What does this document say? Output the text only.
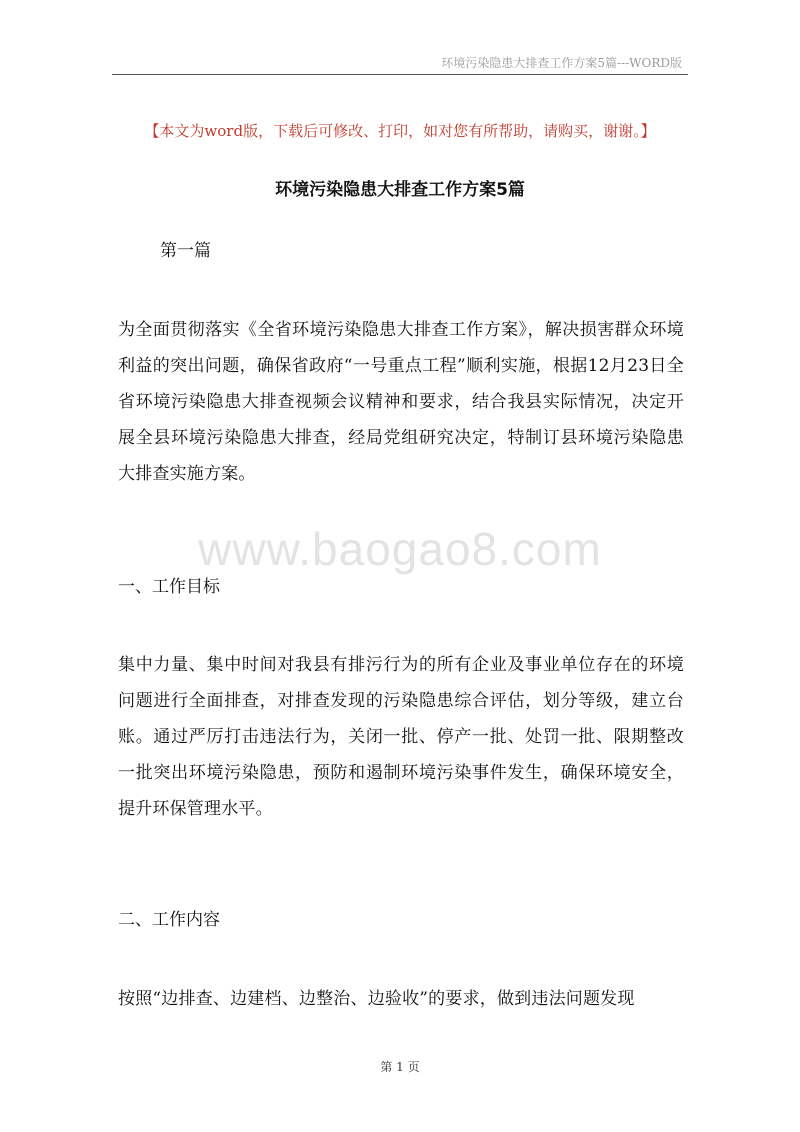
环境污染隐患大排查工作方案5篇---WORD版
【本文为word版，下载后可修改、打印，如对您有所帮助，请购买，谢谢。】
环境污染隐患大排查工作方案5篇
第一篇

为全面贯彻落实《全省环境污染隐患大排查工作方案》，解决损害群众环境利益的突出问题，确保省政府“一号重点工程”顺利实施，根据12月23日全省环境污染隐患大排查视频会议精神和要求，结合我县实际情况，决定开展全县环境污染隐患大排查，经局党组研究决定，特制订县环境污染隐患大排查实施方案。

www.baogao8.com
一、工作目标

集中力量、集中时间对我县有排污行为的所有企业及事业单位存在的环境问题进行全面排查，对排查发现的污染隐患综合评估，划分等级，建立台账。通过严厉打击违法行为，关闭一批、停产一批、处罚一批、限期整改一批突出环境污染隐患，预防和遏制环境污染事件发生，确保环境安全，提升环保管理水平。

二、工作内容

按照“边排查、边建档、边整治、边验收”的要求，做到违法问题发现

第 1 页
